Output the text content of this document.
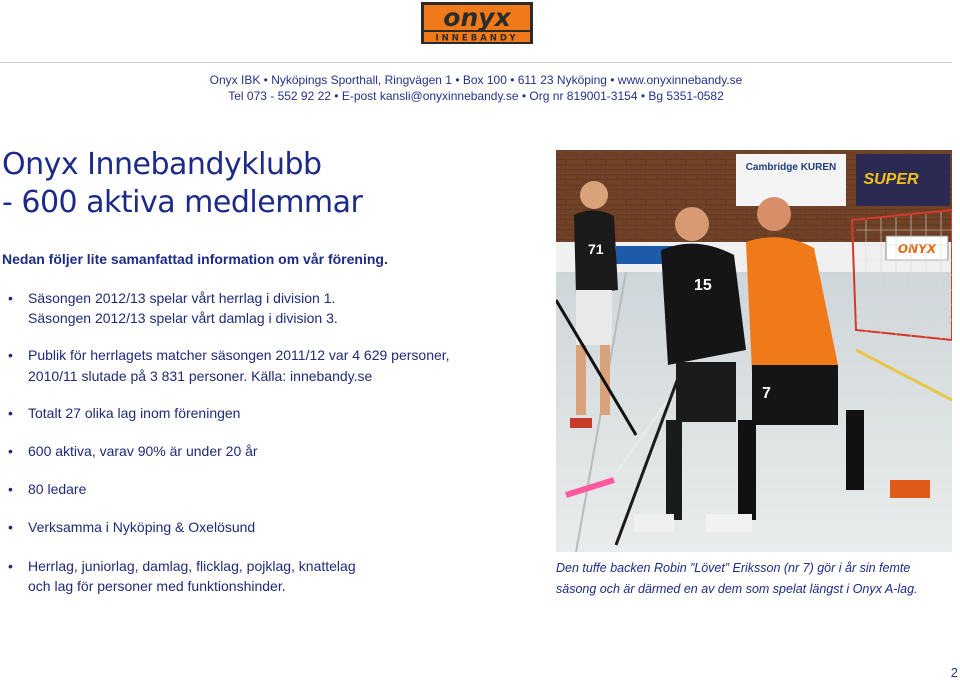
onyx
INNEBANDY
Onyx IBK • Nyköpings Sporthall, Ringvägen 1 • Box 100 • 611 23 Nyköping • www.onyxinnebandy.se
Tel 073 - 552 92 22 • E-post kansli@onyxinnebandy.se • Org nr 819001-3154 • Bg 5351-0582
Onyx Innebandyklubb
- 600 aktiva medlemmar
Nedan följer lite samanfattad information om vår förening.
• Säsongen 2012/13 spelar vårt herrlag i division 1.
Säsongen 2012/13 spelar vårt damlag i division 3.
• Publik för herrlagets matcher säsongen 2011/12 var 4 629 personer,
2010/11 slutade på 3 831 personer. Källa: innebandy.se
• Totalt 27 olika lag inom föreningen
• 600 aktiva, varav 90% är under 20 år
• 80 ledare
• Verksamma i Nyköping & Oxelösund
• Herrlag, juniorlag, damlag, flicklag, pojklag, knattelag
och lag för personer med funktionshinder.
Cambridge KUREN
SUPER
ONYX
71
15
7
Den tuffe backen Robin ”Lövet” Eriksson (nr 7) gör i år sin femte
säsong och är därmed en av dem som spelat längst i Onyx A-lag.
2
